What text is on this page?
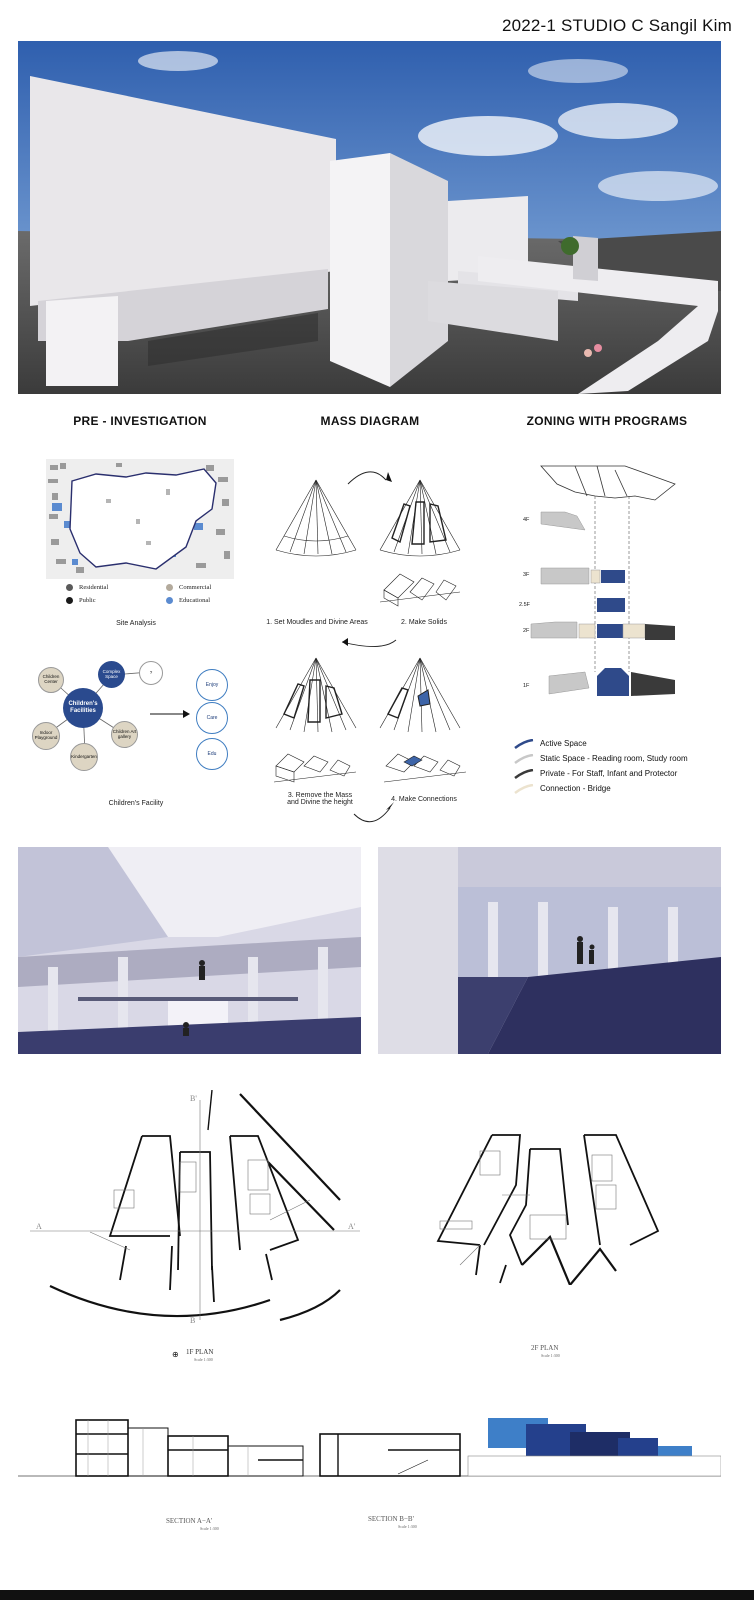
2022-1 STUDIO C Sangil Kim
PRE - INVESTIGATION	MASS DIAGRAM	ZONING WITH PROGRAMS
Residential	Commercial
Public	Educational
Site Analysis
Children's Facilities
Children Center
Complex Space
?
Indoor Playground
Children Art gallery
Kindergarten
Enjoy
Care
Edu
Children's Facility
1. Set Moudles and Divine Areas	2. Make Solids
3. Remove the Mass and Divine the height	4. Make Connections
4F
3F
2.5F
2F
1F
Active Space
Static Space - Reading room, Study room
Private - For Staff, Infant and Protector
Connection - Bridge
A	A'
B'
B
⊕ 1F PLAN
Scale 1:300
2F PLAN
Scale 1:300
SECTION A−A'
Scale 1:300
SECTION B−B'
Scale 1:300
